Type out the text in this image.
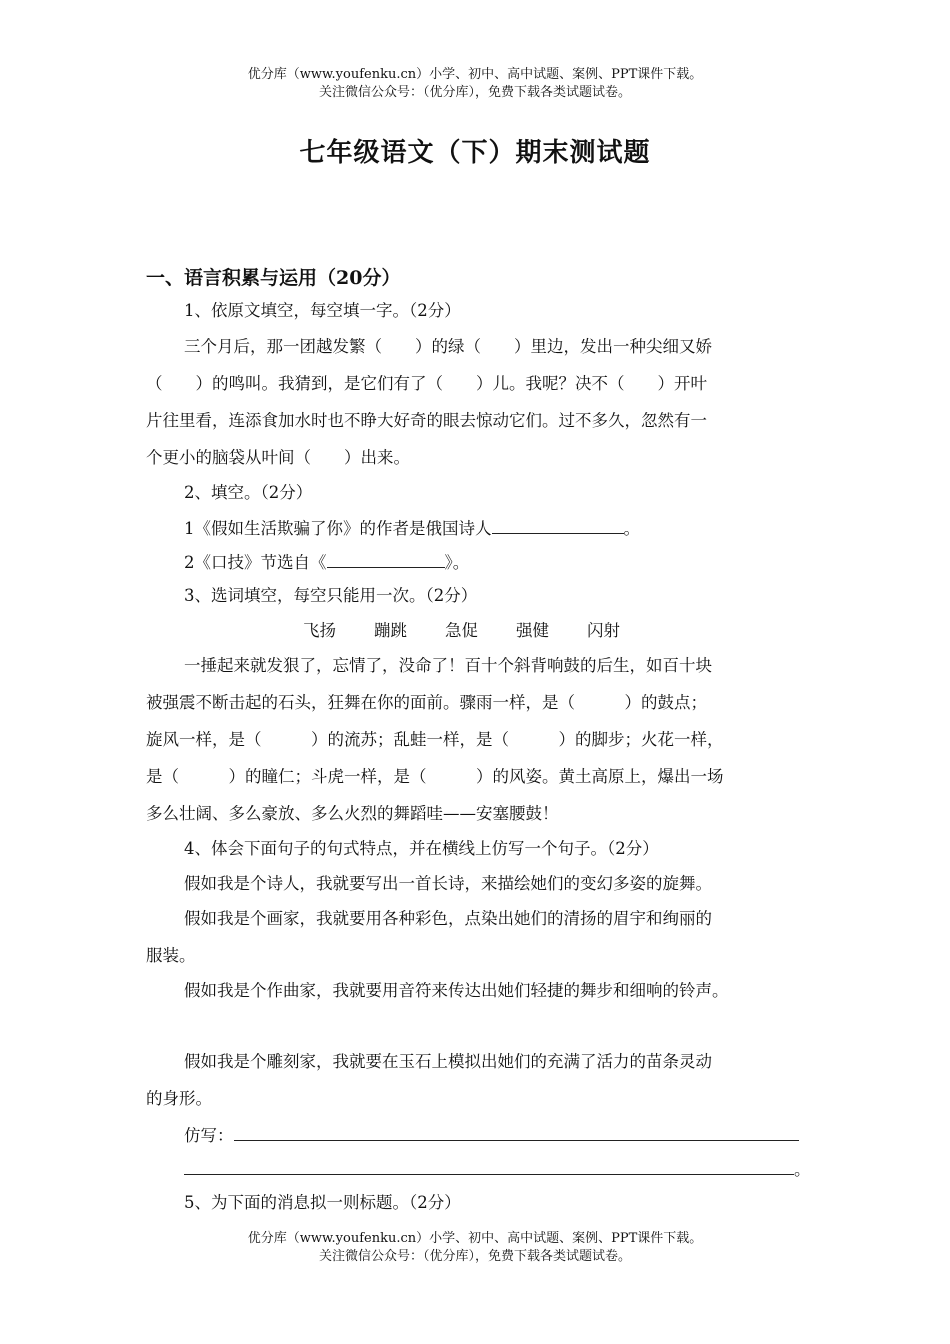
优分库（www.youfenku.cn）小学、初中、高中试题、案例、PPT课件下载。
关注微信公众号：（优分库），免费下载各类试题试卷。
七年级语文（下）期末测试题
一、语言积累与运用（20分）
1、依原文填空，每空填一字。（2分）
三个月后，那一团越发繁（　　）的绿（　　）里边，发出一种尖细又娇
（　　）的鸣叫。我猜到，是它们有了（　　）儿。我呢？决不（　　）开叶
片往里看，连添食加水时也不睁大好奇的眼去惊动它们。过不多久，忽然有一
个更小的脑袋从叶间（　　）出来。
2、填空。（2分）
1《假如生活欺骗了你》的作者是俄国诗人	。
2《口技》节选自《	》。
3、选词填空，每空只能用一次。（2分）
飞扬 蹦跳 急促 强健 闪射
一捶起来就发狠了，忘情了，没命了！百十个斜背响鼓的后生，如百十块
被强震不断击起的石头，狂舞在你的面前。骤雨一样，是（　　　）的鼓点；
旋风一样，是（　　　）的流苏；乱蛙一样，是（　　　）的脚步；火花一样，
是（　　　）的瞳仁；斗虎一样，是（　　　）的风姿。黄土高原上，爆出一场
多么壮阔、多么豪放、多么火烈的舞蹈哇——安塞腰鼓！
4、体会下面句子的句式特点，并在横线上仿写一个句子。（2分）
假如我是个诗人，我就要写出一首长诗，来描绘她们的变幻多姿的旋舞。
假如我是个画家，我就要用各种彩色，点染出她们的清扬的眉宇和绚丽的
服装。
假如我是个作曲家，我就要用音符来传达出她们轻捷的舞步和细响的铃声。
假如我是个雕刻家，我就要在玉石上模拟出她们的充满了活力的苗条灵动
的身形。
仿写：
。
5、为下面的消息拟一则标题。（2分）
优分库（www.youfenku.cn）小学、初中、高中试题、案例、PPT课件下载。
关注微信公众号：（优分库），免费下载各类试题试卷。
